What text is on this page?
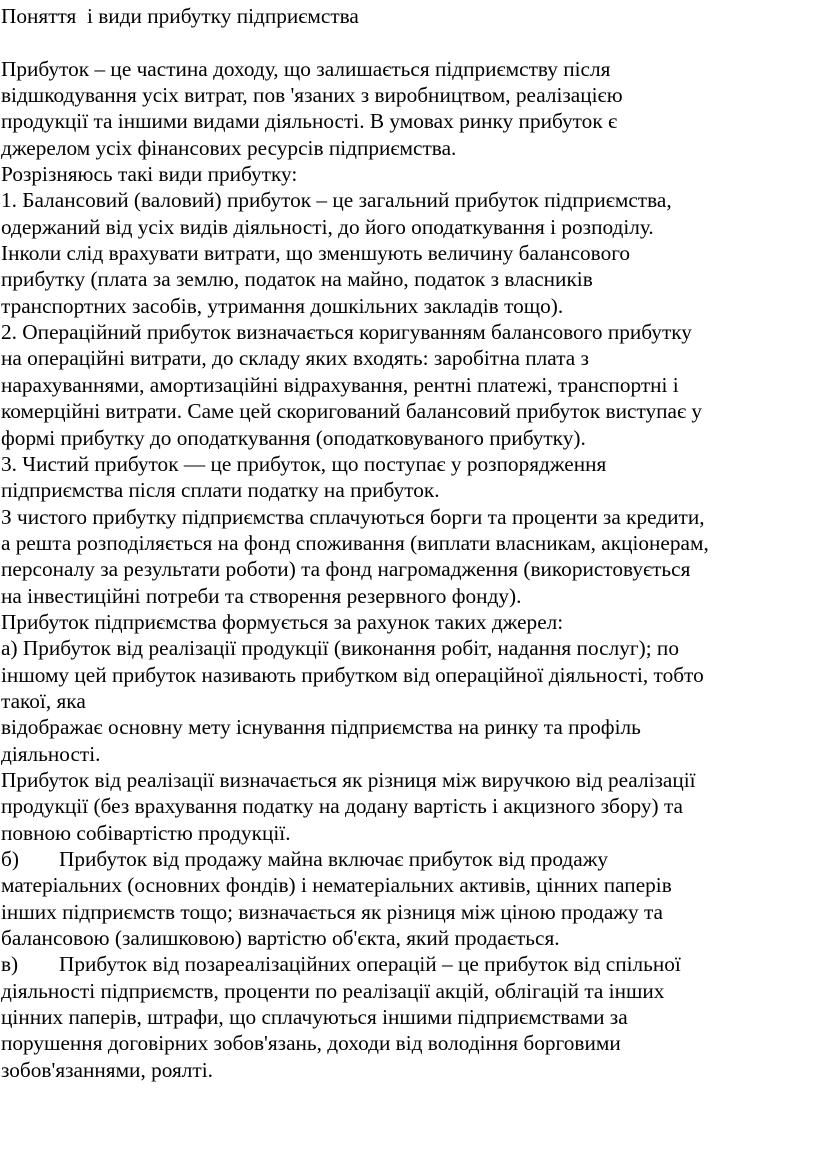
Поняття  і види прибутку підприємства
Прибуток – це частина доходу, що залишається підприємству після
відшкодування усіх витрат, пов 'язаних з виробництвом, реалізацією
продукції та іншими видами діяльності. В умовах ринку прибуток є
джерелом усіх фінансових ресурсів підприємства.
Розрізняюсь такі види прибутку:
1. Балансовий (валовий) прибуток – це загальний прибуток підприємства,
одержаний від усіх видів діяльності, до його оподаткування і розподілу.
Інколи слід врахувати витрати, що зменшують величину балансового
прибутку (плата за землю, податок на майно, податок з власників
транспортних засобів, утримання дошкільних закладів тощо).
2. Операційний прибуток визначається коригуванням балансового прибутку
на операційні витрати, до складу яких входять: заробітна плата з
нарахуваннями, амортизаційні відрахування, рентні платежі, транспортні і
комерційні витрати. Саме цей скоригований балансовий прибуток виступає у
формі прибутку до оподаткування (оподатковуваного прибутку).
3. Чистий прибуток — це прибуток, що поступає у розпорядження
підприємства після сплати податку на прибуток.
З чистого прибутку підприємства сплачуються борги та проценти за кредити,
а решта розподіляється на фонд споживання (виплати власникам, акціонерам,
персоналу за результати роботи) та фонд нагромадження (використовується
на інвестиційні потреби та створення резервного фонду).
Прибуток підприємства формується за рахунок таких джерел:
а) Прибуток від реалізації продукції (виконання робіт, надання послуг); по
іншому цей прибуток називають прибутком від операційної діяльності, тобто
такої, яка
відображає основну мету існування підприємства на ринку та профіль
діяльності.
Прибуток від реалізації визначається як різниця між виручкою від реалізації
продукції (без врахування податку на додану вартість і акцизного збору) та
повною собівартістю продукції.
б) Прибуток від продажу майна включає прибуток від продажу
матеріальних (основних фондів) і нематеріальних активів, цінних паперів
інших підприємств тощо; визначається як різниця між ціною продажу та
балансовою (залишковою) вартістю об'єкта, який продається.
в) Прибуток від позареалізаційних операцій – це прибуток від спільної
діяльності підприємств, проценти по реалізації акцій, облігацій та інших
цінних паперів, штрафи, що сплачуються іншими підприємствами за
порушення договірних зобов'язань, доходи від володіння борговими
зобов'язаннями, роялті.
